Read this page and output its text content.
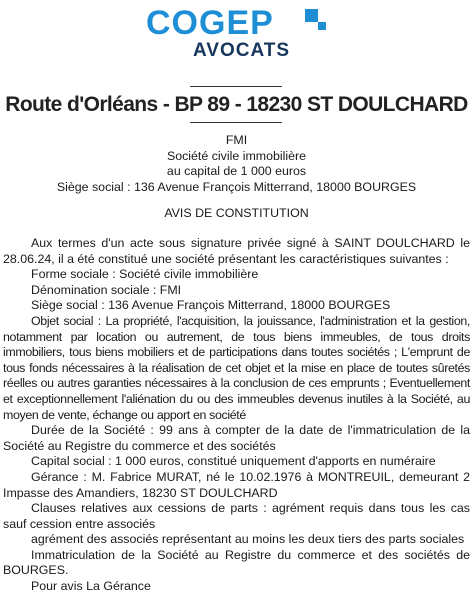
COGEP
AVOCATS
Route d'Orléans - BP 89 - 18230 ST DOULCHARD
FMI
Société civile immobilière
au capital de 1 000 euros
Siège social : 136 Avenue François Mitterrand, 18000 BOURGES
AVIS DE CONSTITUTION

Aux termes d'un acte sous signature privée signé à SAINT DOULCHARD le 28.06.24, il a été constitué une société présentant les caractéristiques suivantes :

Forme sociale : Société civile immobilière

Dénomination sociale : FMI

Siège social : 136 Avenue François Mitterrand, 18000 BOURGES

Objet social : La propriété, l'acquisition, la jouissance, l'administration et la gestion, notamment par location ou autrement, de tous biens immeubles, de tous droits immobiliers, tous biens mobiliers et de participations dans toutes sociétés ; L'emprunt de tous fonds nécessaires à la réalisation de cet objet et la mise en place de toutes sûretés réelles ou autres garanties nécessaires à la conclusion de ces emprunts ; Eventuellement et exceptionnellement l'aliénation du ou des immeubles devenus inutiles à la Société, au moyen de vente, échange ou apport en société

Durée de la Société : 99 ans à compter de la date de l'immatriculation de la Société au Registre du commerce et des sociétés

Capital social : 1 000 euros, constitué uniquement d'apports en numéraire

Gérance : M. Fabrice MURAT, né le 10.02.1976 à MONTREUIL, demeurant 2 Impasse des Amandiers, 18230 ST DOULCHARD

Clauses relatives aux cessions de parts : agrément requis dans tous les cas sauf cession entre associés

agrément des associés représentant au moins les deux tiers des parts sociales

Immatriculation de la Société au Registre du commerce et des sociétés de BOURGES.

Pour avis La Gérance
